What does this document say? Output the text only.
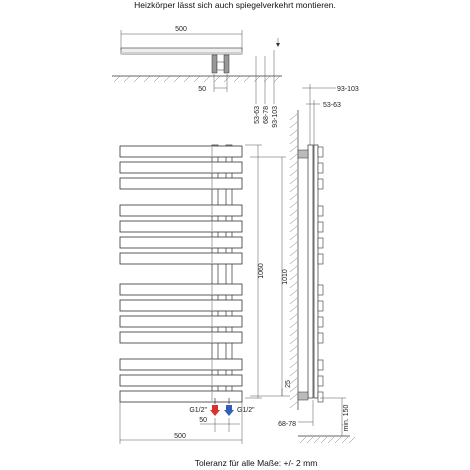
Heizkörper lässt sich auch spiegelverkehrt montieren.
500
50
53-63 68-78 93-103
1060 1010
25
G1/2"	G1/2"
50
500
93-103
53-63
68-78	min. 150
Toleranz für alle Maße: +/- 2 mm
